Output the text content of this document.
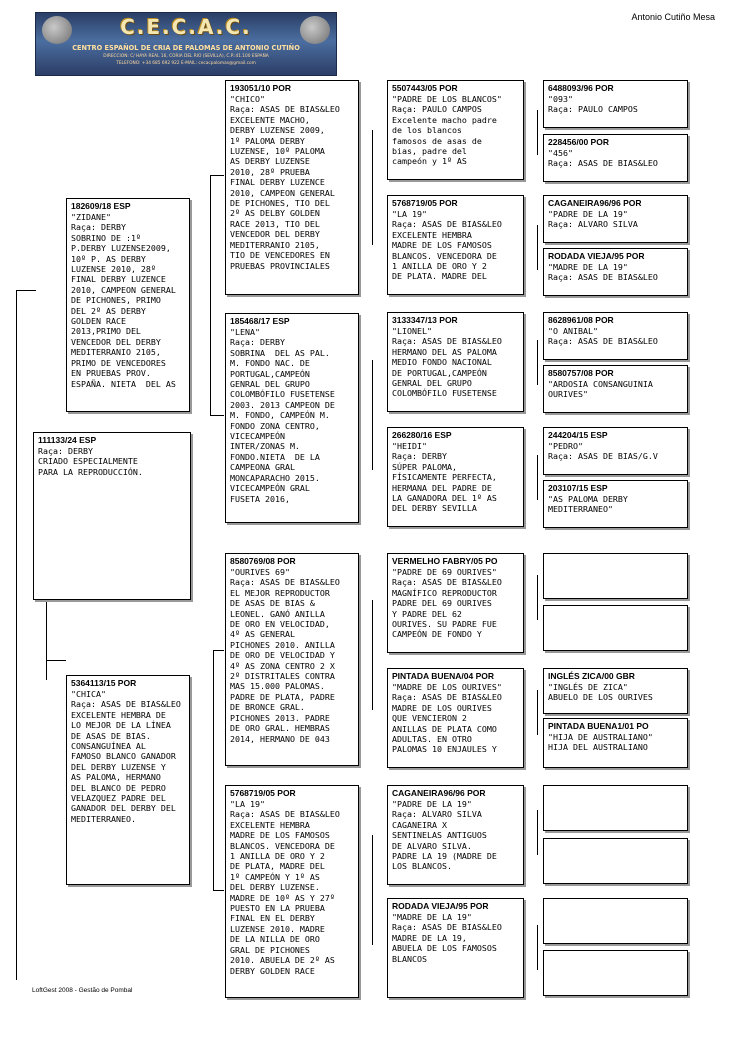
C.E.C.A.C.
CENTRO ESPAÑOL DE CRIA DE PALOMAS DE ANTONIO CUTIÑO
DIRECCION: C/ HAYA REAL 16, CORIA DEL RIO (SEVILLA), C.P.:41.100 ESPAÑA
TELEFONO: +34 685 692 922 E-MAIL: cecacpalomas@gmail.com
Antonio Cutiño Mesa
111133/24 ESP
Raça: DERBY
CRIADO ESPECIALMENTE
PARA LA REPRODUCCIÓN.
182609/18 ESP
"ZIDANE"
Raça: DERBY
SOBRINO DE :1º
P.DERBY LUZENSE2009,
10º P. AS DERBY
LUZENSE 2010, 28º
FINAL DERBY LUZENCE
2010, CAMPEON GENERAL
DE PICHONES, PRIMO
DEL 2º AS DERBY
GOLDEN RACE
2013,PRIMO DEL
VENCEDOR DEL DERBY
MEDITERRANIO 2105,
PRIMO DE VENCEDORES
EN PRUEBAS PROV.
ESPAÑA. NIETA  DEL AS
5364113/15 POR
"CHICA"
Raça: ASAS DE BIAS&LEO
EXCELENTE HEMBRA DE
LO MEJOR DE LA LÍNEA
DE ASAS DE BIAS.
CONSANGUÍNEA AL
FAMOSO BLANCO GANADOR
DEL DERBY LUZENSE Y
AS PALOMA, HERMANO
DEL BLANCO DE PEDRO
VELAZQUEZ PADRE DEL
GANADOR DEL DERBY DEL
MEDITERRANEO.
193051/10 POR
"CHICO"
Raça: ASAS DE BIAS&LEO
EXCELENTE MACHO,
DERBY LUZENSE 2009,
1º PALOMA DERBY
LUZENSE, 10º PALOMA
AS DERBY LUZENSE
2010, 28º PRUEBA
FINAL DERBY LUZENCE
2010, CAMPEON GENERAL
DE PICHONES, TIO DEL
2º AS DELBY GOLDEN
RACE 2013, TIO DEL
VENCEDOR DEL DERBY
MEDITERRANIO 2105,
TIO DE VENCEDORES EN
PRUEBAS PROVINCIALES
185468/17 ESP
"LENA"
Raça: DERBY
SOBRINA  DEL AS PAL.
M. FONDO NAC. DE
PORTUGAL,CAMPEÓN
GENRAL DEL GRUPO
COLOMBÓFILO FUSETENSE
2003. 2013 CAMPEON DE
M. FONDO, CAMPEÓN M.
FONDO ZONA CENTRO,
VICECAMPEÓN
INTER/ZONAS M.
FONDO.NIETA  DE LA
CAMPEONA GRAL
MONCAPARACHO 2015.
VICECAMPEÓN GRAL
FUSETA 2016,
8580769/08 POR
"OURIVES 69"
Raça: ASAS DE BIAS&LEO
EL MEJOR REPRODUCTOR
DE ASAS DE BIAS &
LEONEL. GANÓ ANILLA
DE ORO EN VELOCIDAD,
4º AS GENERAL
PICHONES 2010. ANILLA
DE ORO DE VELOCIDAD Y
4º AS ZONA CENTRO 2 X
2º DISTRITALES CONTRA
MAS 15.000 PALOMAS.
PADRE DE PLATA, PADRE
DE BRONCE GRAL.
PICHONES 2013. PADRE
DE ORO GRAL. HEMBRAS
2014, HERMANO DE 043
5768719/05 POR
"LA 19"
Raça: ASAS DE BIAS&LEO
EXCELENTE HEMBRA
MADRE DE LOS FAMOSOS
BLANCOS. VENCEDORA DE
1 ANILLA DE ORO Y 2
DE PLATA, MADRE DEL
1º CAMPEÓN Y 1º AS
DEL DERBY LUZENSE.
MADRE DE 10º AS Y 27º
PUESTO EN LA PRUEBA
FINAL EN EL DERBY
LUZENSE 2010. MADRE
DE LA NILLA DE ORO
GRAL DE PICHONES
2010. ABUELA DE 2º AS
DERBY GOLDEN RACE
5507443/05 POR
"PADRE DE LOS BLANCOS"
Raça: PAULO CAMPOS
Excelente macho padre
de los blancos
famosos de asas de
bias, padre del
campeón y 1º AS
5768719/05 POR
"LA 19"
Raça: ASAS DE BIAS&LEO
EXCELENTE HEMBRA
MADRE DE LOS FAMOSOS
BLANCOS. VENCEDORA DE
1 ANILLA DE ORO Y 2
DE PLATA. MADRE DEL
3133347/13 POR
"LIONEL"
Raça: ASAS DE BIAS&LEO
HERMANO DEL AS PALOMA
MEDIO FONDO NACIONAL
DE PORTUGAL,CAMPEÓN
GENRAL DEL GRUPO
COLOMBÓFILO FUSETENSE
266280/16 ESP
"HEIDI"
Raça: DERBY
SÚPER PALOMA,
FÍSICAMENTE PERFECTA,
HERMANA DEL PADRE DE
LA GANADORA DEL 1º AS
DEL DERBY SEVILLA
VERMELHO FABRY/05 PO
"PADRE DE 69 OURIVES"
Raça: ASAS DE BIAS&LEO
MAGNÍFICO REPRODUCTOR
PADRE DEL 69 OURIVES
Y PADRE DEL 62
OURIVES. SU PADRE FUE
CAMPEÓN DE FONDO Y
PINTADA BUENA/04 POR
"MADRE DE LOS OURIVES"
Raça: ASAS DE BIAS&LEO
MADRE DE LOS OURIVES
QUE VENCIERON 2
ANILLAS DE PLATA COMO
ADULTAS. EN OTRO
PALOMAS 10 ENJAULES Y
CAGANEIRA96/96 POR
"PADRE DE LA 19"
Raça: ALVARO SILVA
CAGANEIRA X
SENTINELAS ANTIGUOS
DE ALVARO SILVA.
PADRE LA 19 (MADRE DE
LOS BLANCOS.
RODADA VIEJA/95 POR
"MADRE DE LA 19"
Raça: ASAS DE BIAS&LEO
MADRE DE LA 19,
ABUELA DE LOS FAMOSOS
BLANCOS
6488093/96 POR
"093"
Raça: PAULO CAMPOS
228456/00 POR
"456"
Raça: ASAS DE BIAS&LEO
CAGANEIRA96/96 POR
"PADRE DE LA 19"
Raça: ALVARO SILVA
RODADA VIEJA/95 POR
"MADRE DE LA 19"
Raça: ASAS DE BIAS&LEO
8628961/08 POR
"O ANIBAL"
Raça: ASAS DE BIAS&LEO
8580757/08 POR
"ARDOSIA CONSANGUINIA
OURIVES"
244204/15 ESP
"PEDRO"
Raça: ASAS DE BIAS/G.V
203107/15 ESP
"AS PALOMA DERBY
MEDITERRANEO"
INGLÉS ZICA/00 GBR
"INGLÉS DE ZICA"
ABUELO DE LOS OURIVES
PINTADA BUENA1/01 PO
"HIJA DE AUSTRALIANO"
HIJA DEL AUSTRALIANO
LoftGest 2008 - Gestão de Pombal
